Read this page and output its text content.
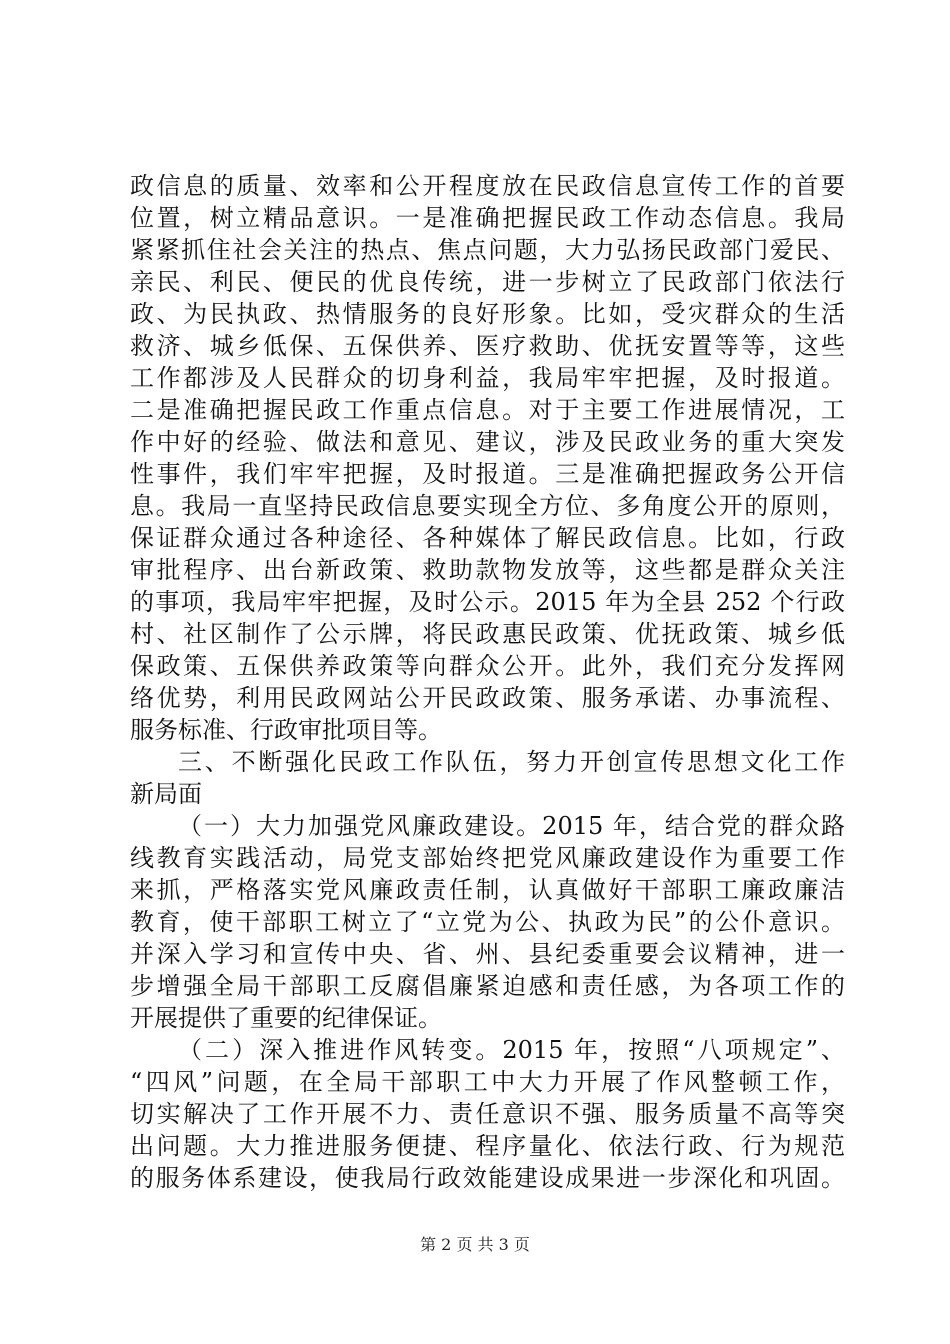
政信息的质量、效率和公开程度放在民政信息宣传工作的首要

位置，树立精品意识。一是准确把握民政工作动态信息。我局

紧紧抓住社会关注的热点、焦点问题，大力弘扬民政部门爱民、

亲民、利民、便民的优良传统，进一步树立了民政部门依法行

政、为民执政、热情服务的良好形象。比如，受灾群众的生活

救济、城乡低保、五保供养、医疗救助、优抚安置等等，这些

工作都涉及人民群众的切身利益，我局牢牢把握，及时报道。

二是准确把握民政工作重点信息。对于主要工作进展情况，工

作中好的经验、做法和意见、建议，涉及民政业务的重大突发

性事件，我们牢牢把握，及时报道。三是准确把握政务公开信

息。我局一直坚持民政信息要实现全方位、多角度公开的原则，

保证群众通过各种途径、各种媒体了解民政信息。比如，行政

审批程序、出台新政策、救助款物发放等，这些都是群众关注

的事项，我局牢牢把握，及时公示。2015 年为全县 252 个行政

村、社区制作了公示牌，将民政惠民政策、优抚政策、城乡低

保政策、五保供养政策等向群众公开。此外，我们充分发挥网

络优势，利用民政网站公开民政政策、服务承诺、办事流程、

服务标准、行政审批项目等。

三、不断强化民政工作队伍，努力开创宣传思想文化工作

新局面

（一）大力加强党风廉政建设。2015 年，结合党的群众路

线教育实践活动，局党支部始终把党风廉政建设作为重要工作

来抓，严格落实党风廉政责任制，认真做好干部职工廉政廉洁

教育，使干部职工树立了“立党为公、执政为民”的公仆意识。

并深入学习和宣传中央、省、州、县纪委重要会议精神，进一

步增强全局干部职工反腐倡廉紧迫感和责任感，为各项工作的

开展提供了重要的纪律保证。

（二）深入推进作风转变。2015 年，按照“八项规定”、

“四风”问题，在全局干部职工中大力开展了作风整顿工作，

切实解决了工作开展不力、责任意识不强、服务质量不高等突

出问题。大力推进服务便捷、程序量化、依法行政、行为规范

的服务体系建设，使我局行政效能建设成果进一步深化和巩固。

第 2 页 共 3 页
